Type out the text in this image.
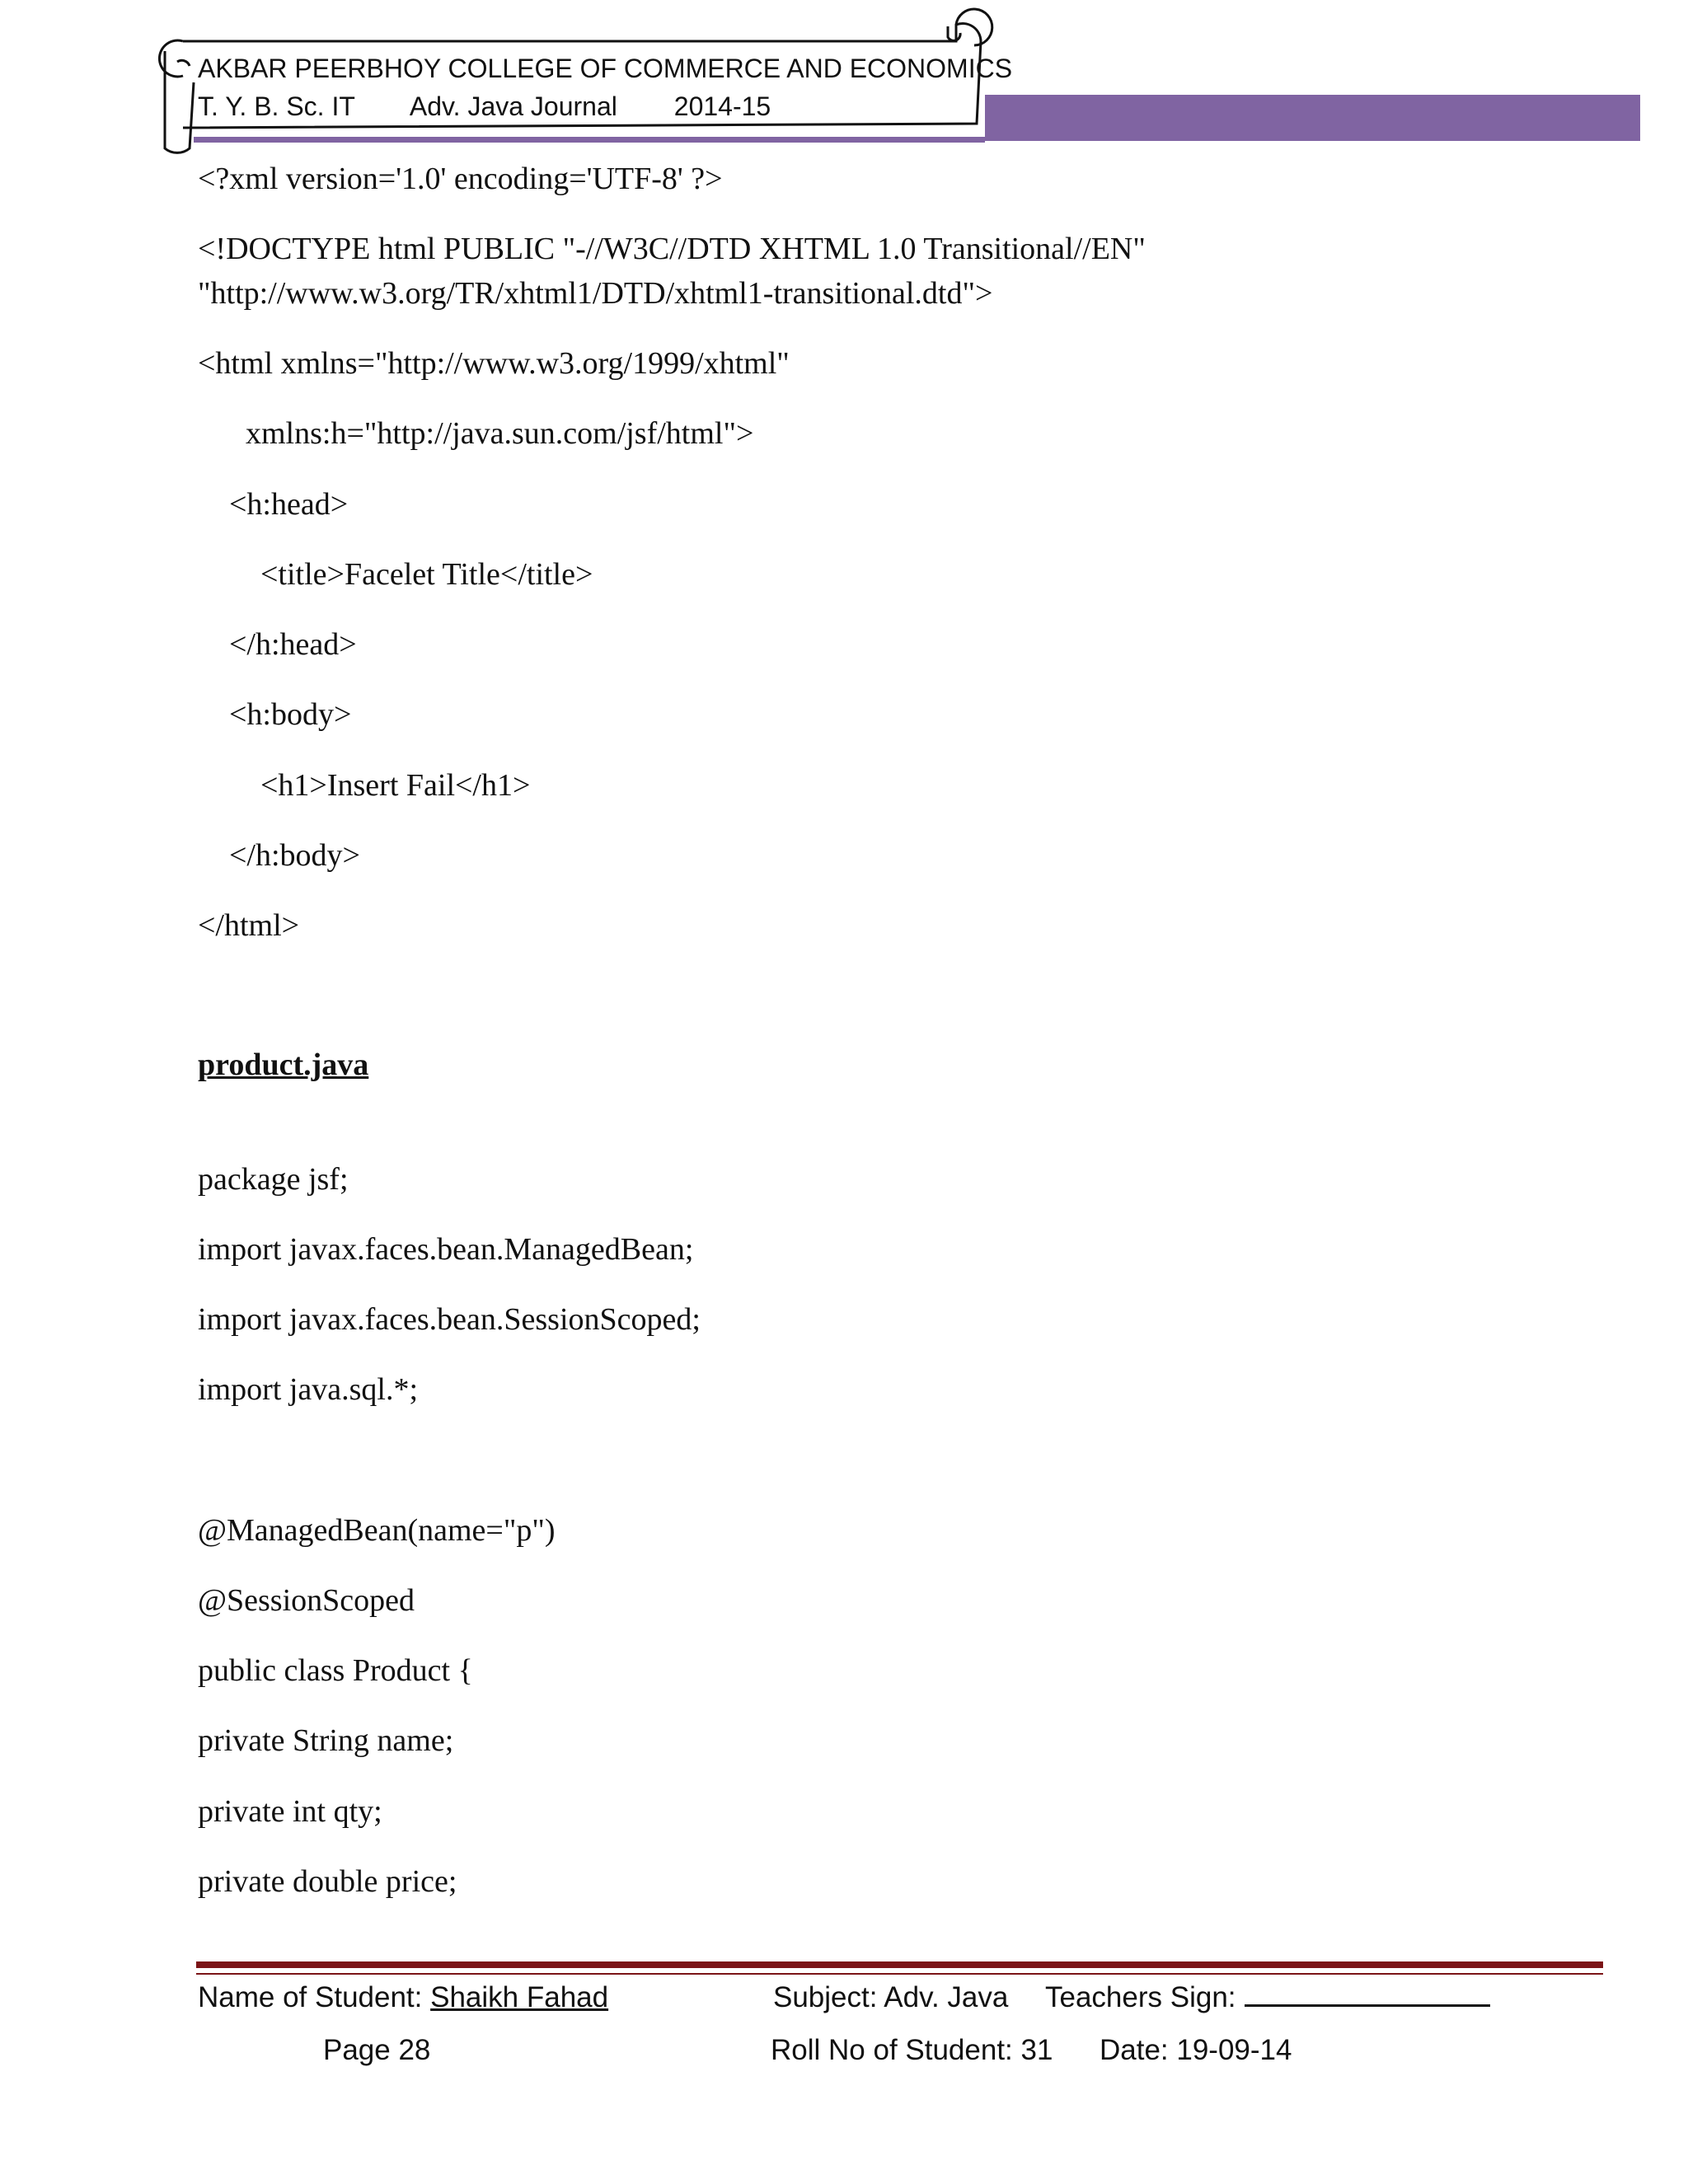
AKBAR PEERBHOY COLLEGE OF COMMERCE AND ECONOMICS
T. Y. B. Sc. IT Adv. Java Journal 2014-15
<?xml version='1.0' encoding='UTF-8' ?>
<!DOCTYPE html PUBLIC "-//W3C//DTD XHTML 1.0 Transitional//EN"
"http://www.w3.org/TR/xhtml1/DTD/xhtml1-transitional.dtd">
<html xmlns="http://www.w3.org/1999/xhtml"
xmlns:h="http://java.sun.com/jsf/html">
<h:head>
<title>Facelet Title</title>
</h:head>
<h:body>
<h1>Insert Fail</h1>
</h:body>
</html>
product.java
package jsf;
import javax.faces.bean.ManagedBean;
import javax.faces.bean.SessionScoped;
import java.sql.*;
@ManagedBean(name="p")
@SessionScoped
public class Product {
private String name;
private int qty;
private double price;
Name of Student: Shaikh Fahad	Subject: Adv. Java Teachers Sign:
Page 28	Roll No of Student: 31 Date: 19-09-14
